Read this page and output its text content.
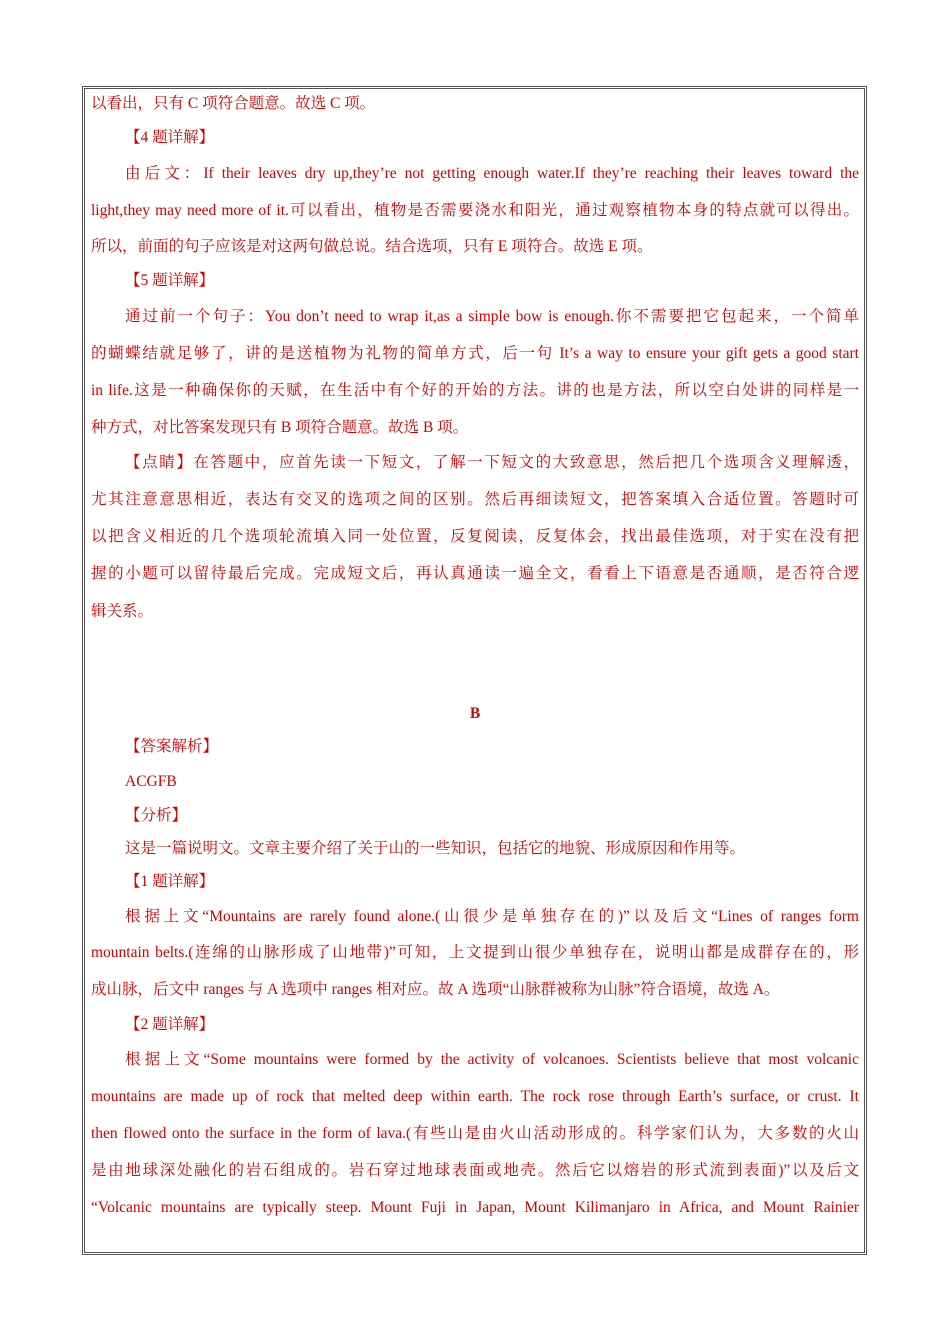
以看出，只有 C 项符合题意。故选 C 项。
【4 题详解】
由后文：If their leaves dry up,they’re not getting enough water.If they’re reaching their leaves toward the
light,they may need more of it.可以看出，植物是否需要浇水和阳光，通过观察植物本身的特点就可以得出。
所以，前面的句子应该是对这两句做总说。结合选项，只有 E 项符合。故选 E 项。
【5 题详解】
通过前一个句子：You don’t need to wrap it,as a simple bow is enough.你不需要把它包起来，一个简单
的蝴蝶结就足够了，讲的是送植物为礼物的简单方式，后一句 It’s a way to ensure your gift gets a good start
in life.这是一种确保你的天赋，在生活中有个好的开始的方法。讲的也是方法，所以空白处讲的同样是一
种方式，对比答案发现只有 B 项符合题意。故选 B 项。
【点睛】在答题中，应首先读一下短文，了解一下短文的大致意思，然后把几个选项含义理解透，
尤其注意意思相近，表达有交叉的选项之间的区别。然后再细读短文，把答案填入合适位置。答题时可
以把含义相近的几个选项轮流填入同一处位置，反复阅读，反复体会，找出最佳选项，对于实在没有把
握的小题可以留待最后完成。完成短文后，再认真通读一遍全文，看看上下语意是否通顺，是否符合逻
辑关系。
B
【答案解析】
ACGFB
【分析】
这是一篇说明文。文章主要介绍了关于山的一些知识，包括它的地貌、形成原因和作用等。
【1 题详解】
根据上文“Mountains are rarely found alone.(山很少是单独存在的)”以及后文“Lines of ranges form
mountain belts.(连绵的山脉形成了山地带)”可知，上文提到山很少单独存在，说明山都是成群存在的，形
成山脉，后文中 ranges 与 A 选项中 ranges 相对应。故 A 选项“山脉群被称为山脉”符合语境，故选 A。
【2 题详解】
根据上文“Some mountains were formed by the activity of volcanoes. Scientists believe that most volcanic
mountains are made up of rock that melted deep within earth. The rock rose through Earth’s surface, or crust. It
then flowed onto the surface in the form of lava.(有些山是由火山活动形成的。科学家们认为，大多数的火山
是由地球深处融化的岩石组成的。岩石穿过地球表面或地壳。然后它以熔岩的形式流到表面)”以及后文
“Volcanic mountains are typically steep. Mount Fuji in Japan, Mount Kilimanjaro in Africa, and Mount Rainier
